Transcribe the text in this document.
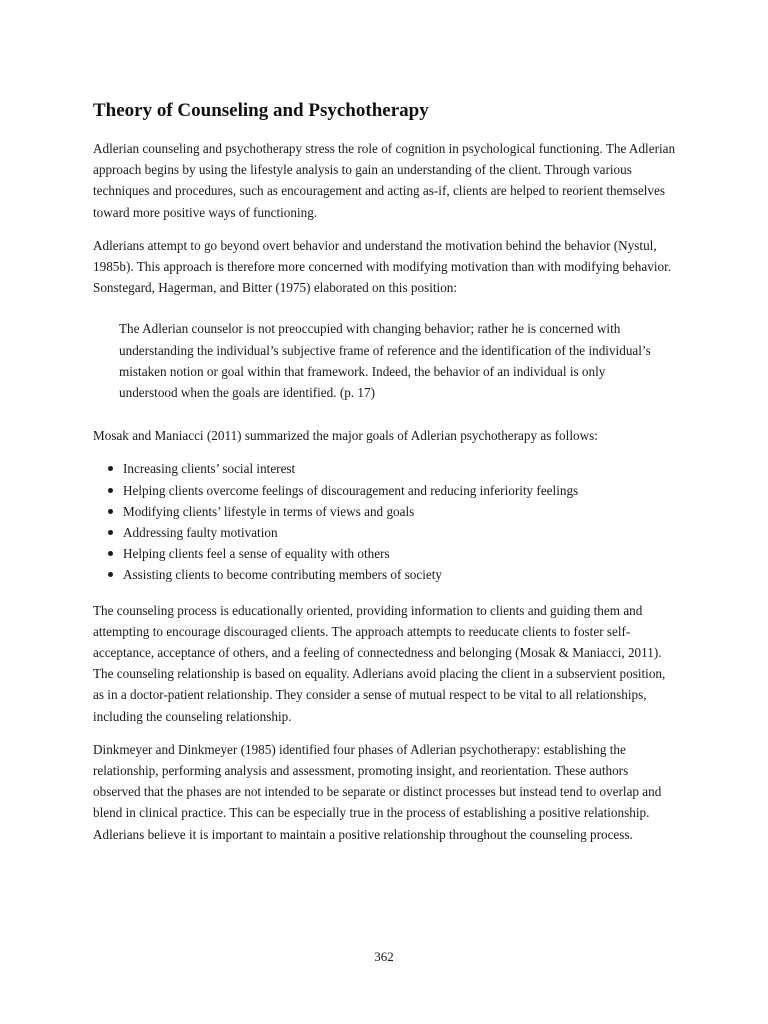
Theory of Counseling and Psychotherapy

Adlerian counseling and psychotherapy stress the role of cognition in psychological functioning. The Adlerian approach begins by using the lifestyle analysis to gain an understanding of the client. Through various techniques and procedures, such as encouragement and acting as-if, clients are helped to reorient themselves toward more positive ways of functioning.

Adlerians attempt to go beyond overt behavior and understand the motivation behind the behavior (Nystul, 1985b). This approach is therefore more concerned with modifying motivation than with modifying behavior. Sonstegard, Hagerman, and Bitter (1975) elaborated on this position:

The Adlerian counselor is not preoccupied with changing behavior; rather he is concerned with understanding the individual’s subjective frame of reference and the identification of the individual’s mistaken notion or goal within that framework. Indeed, the behavior of an individual is only understood when the goals are identified. (p. 17)

Mosak and Maniacci (2011) summarized the major goals of Adlerian psychotherapy as follows:

Increasing clients’ social interest
Helping clients overcome feelings of discouragement and reducing inferiority feelings
Modifying clients’ lifestyle in terms of views and goals
Addressing faulty motivation
Helping clients feel a sense of equality with others
Assisting clients to become contributing members of society

The counseling process is educationally oriented, providing information to clients and guiding them and attempting to encourage discouraged clients. The approach attempts to reeducate clients to foster self-acceptance, acceptance of others, and a feeling of connectedness and belonging (Mosak & Maniacci, 2011). The counseling relationship is based on equality. Adlerians avoid placing the client in a subservient position, as in a doctor-patient relationship. They consider a sense of mutual respect to be vital to all relationships, including the counseling relationship.

Dinkmeyer and Dinkmeyer (1985) identified four phases of Adlerian psychotherapy: establishing the relationship, performing analysis and assessment, promoting insight, and reorientation. These authors observed that the phases are not intended to be separate or distinct processes but instead tend to overlap and blend in clinical practice. This can be especially true in the process of establishing a positive relationship. Adlerians believe it is important to maintain a positive relationship throughout the counseling process.

362
